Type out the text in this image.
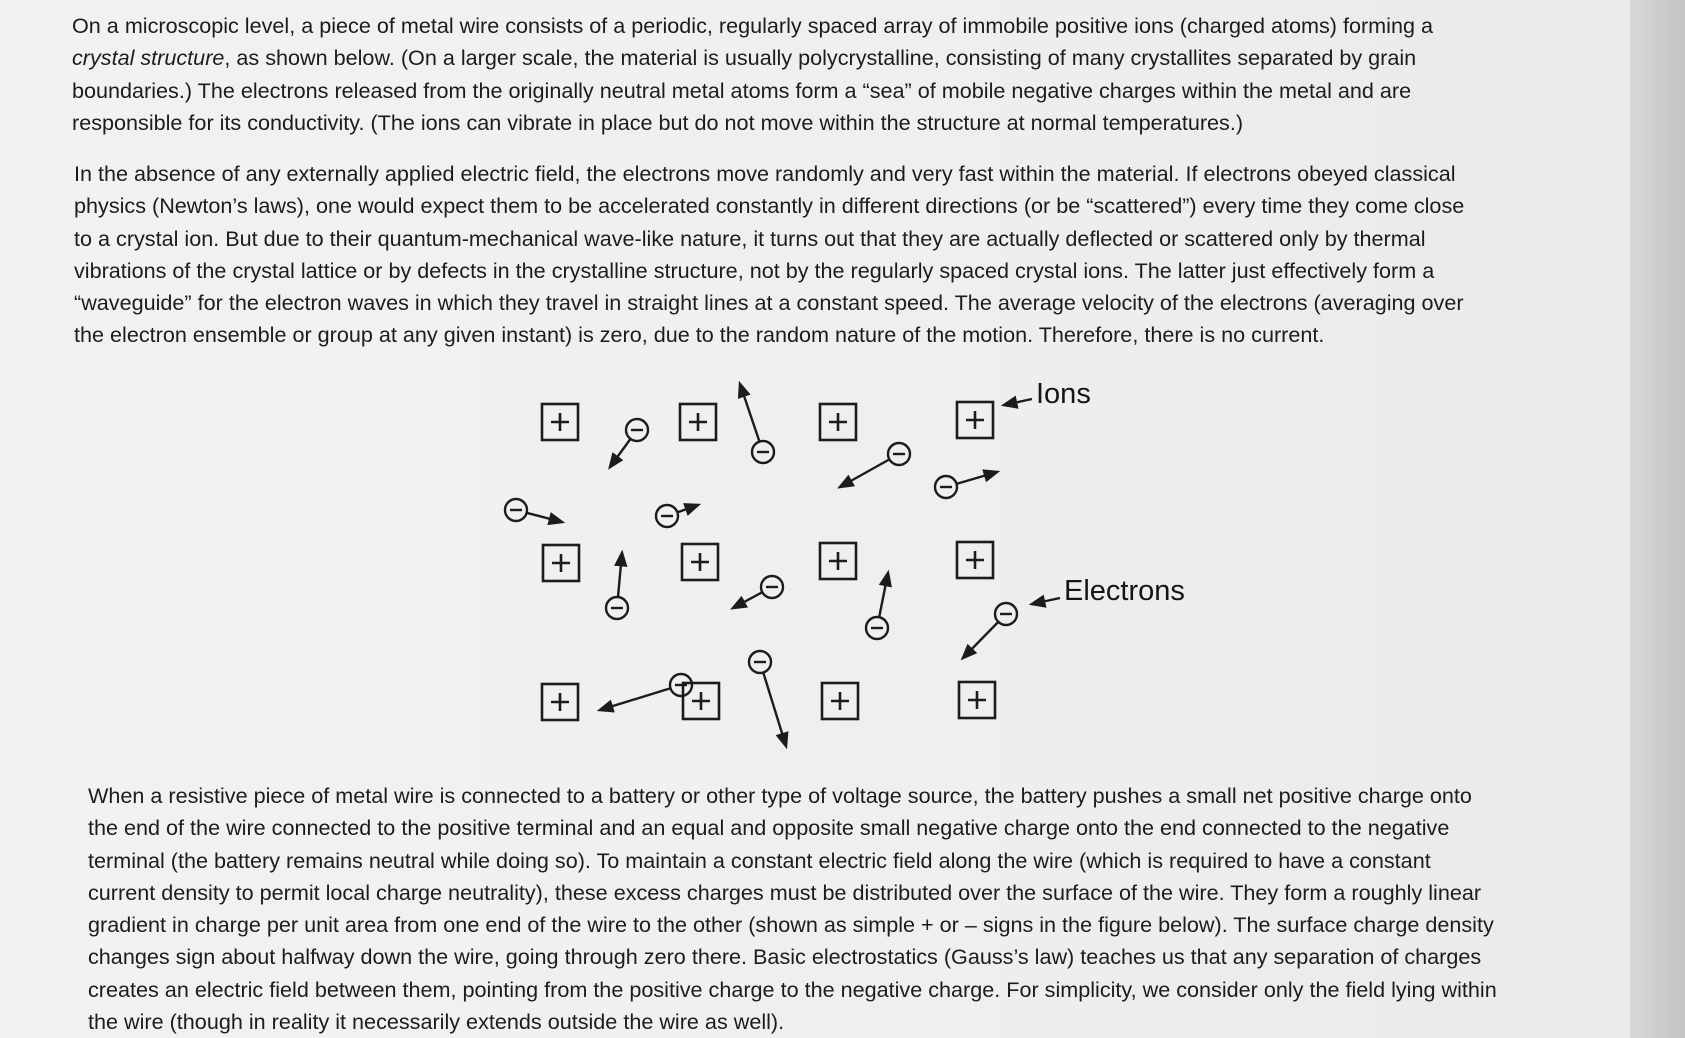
On a microscopic level, a piece of metal wire consists of a periodic, regularly spaced array of immobile positive ions (charged atoms) forming a
crystal structure, as shown below. (On a larger scale, the material is usually polycrystalline, consisting of many crystallites separated by grain
boundaries.) The electrons released from the originally neutral metal atoms form a “sea” of mobile negative charges within the metal and are
responsible for its conductivity. (The ions can vibrate in place but do not move within the structure at normal temperatures.)

In the absence of any externally applied electric field, the electrons move randomly and very fast within the material. If electrons obeyed classical
physics (Newton’s laws), one would expect them to be accelerated constantly in different directions (or be “scattered”) every time they come close
to a crystal ion. But due to their quantum-mechanical wave-like nature, it turns out that they are actually deflected or scattered only by thermal
vibrations of the crystal lattice or by defects in the crystalline structure, not by the regularly spaced crystal ions. The latter just effectively form a
“waveguide” for the electron waves in which they travel in straight lines at a constant speed. The average velocity of the electrons (averaging over
the electron ensemble or group at any given instant) is zero, due to the random nature of the motion. Therefore, there is no current.

Ions
Electrons

When a resistive piece of metal wire is connected to a battery or other type of voltage source, the battery pushes a small net positive charge onto
the end of the wire connected to the positive terminal and an equal and opposite small negative charge onto the end connected to the negative
terminal (the battery remains neutral while doing so). To maintain a constant electric field along the wire (which is required to have a constant
current density to permit local charge neutrality), these excess charges must be distributed over the surface of the wire. They form a roughly linear
gradient in charge per unit area from one end of the wire to the other (shown as simple + or – signs in the figure below). The surface charge density
changes sign about halfway down the wire, going through zero there. Basic electrostatics (Gauss’s law) teaches us that any separation of charges
creates an electric field between them, pointing from the positive charge to the negative charge. For simplicity, we consider only the field lying within
the wire (though in reality it necessarily extends outside the wire as well).
